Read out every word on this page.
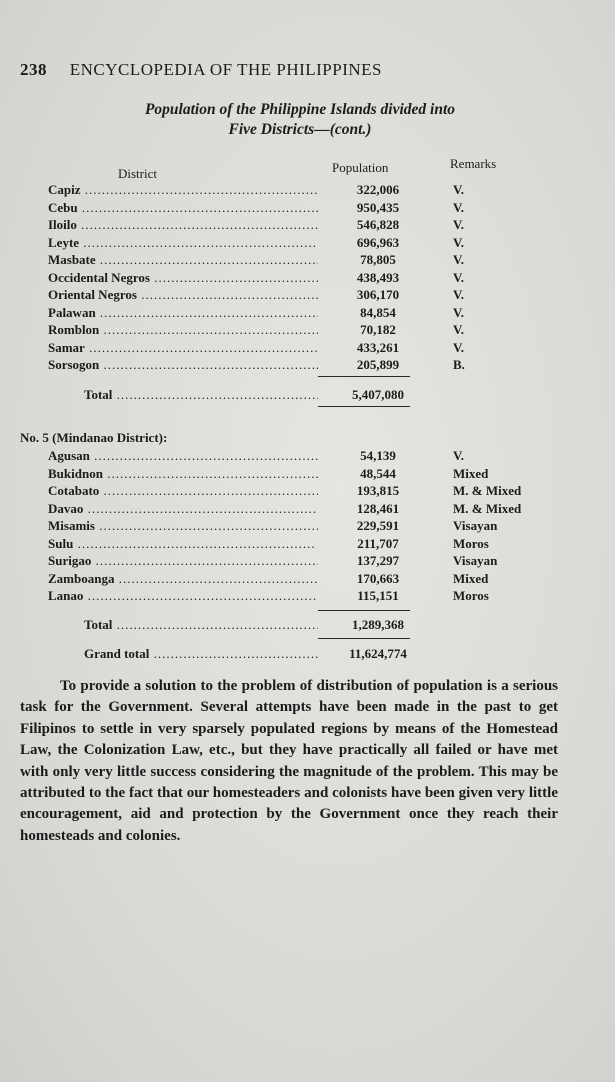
238 ENCYCLOPEDIA OF THE PHILIPPINES
Population of the Philippine Islands divided into
Five Districts—(cont.)
District	Population	Remarks
Capiz .....	322,006	V.
Cebu .....	950,435	V.
Iloilo .....	546,828	V.
Leyte .....	696,963	V.
Masbate .....	78,805	V.
Occidental Negros .....	438,493	V.
Oriental Negros .....	306,170	V.
Palawan .....	84,854	V.
Romblon .....	70,182	V.
Samar .....	433,261	V.
Sorsogon .....	205,899	B.
Total .....	5,407,080
No. 5 (Mindanao District):
Agusan .....	54,139	V.
Bukidnon .....	48,544	Mixed
Cotabato .....	193,815	M. & Mixed
Davao .....	128,461	M. & Mixed
Misamis .....	229,591	Visayan
Sulu .....	211,707	Moros
Surigao .....	137,297	Visayan
Zamboanga .....	170,663	Mixed
Lanao .....	115,151	Moros
Total .....	1,289,368
Grand total .....	11,624,774
To provide a solution to the problem of distribution of population is a serious task for the Government. Several attempts have been made in the past to get Filipinos to settle in very sparsely populated regions by means of the Homestead Law, the Colonization Law, etc., but they have practically all failed or have met with only very little success considering the magnitude of the problem. This may be attributed to the fact that our homesteaders and colonists have been given very little encouragement, aid and protection by the Government once they reach their homesteads and colonies.
